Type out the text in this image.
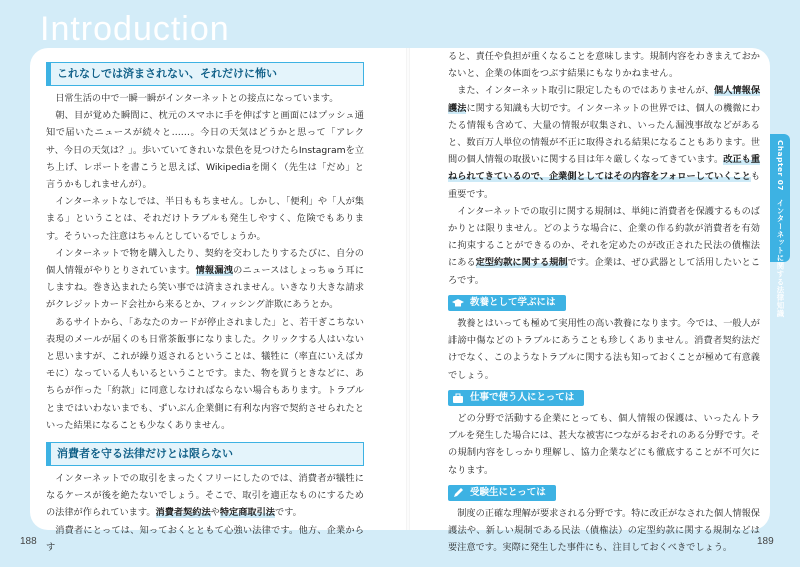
Introduction
これなしでは済まされない、それだけに怖い

日常生活の中で一瞬一瞬がインターネットとの接点になっています。

朝、目が覚めた瞬間に、枕元のスマホに手を伸ばすと画面にはプッシュ通知で届いたニュースが続々と……。今日の天気はどうかと思って「アレクサ、今日の天気は？」。歩いていてきれいな景色を見つけたらInstagramを立ち上げ、レポートを書こうと思えば、Wikipediaを開く（先生は「だめ」と言うかもしれませんが）。

インターネットなしでは、半日ももちません。しかし、「便利」や「人が集まる」ということは、それだけトラブルも発生しやすく、危険でもあります。そういった注意はちゃんとしているでしょうか。

インターネットで物を購入したり、契約を交わしたりするたびに、自分の個人情報がやりとりされています。情報漏洩のニュースはしょっちゅう耳にしますね。巻き込まれたら笑い事では済まされません。いきなり大きな請求がクレジットカード会社から来るとか、フィッシング詐欺にあうとか。

あるサイトから、「あなたのカードが停止されました」と、若干ぎこちない表現のメールが届くのも日常茶飯事になりました。クリックする人はいないと思いますが、これが繰り返されるということは、犠牲に（率直にいえばカモに）なっている人もいるということです。また、物を買うときなどに、あちらが作った「約款」に同意しなければならない場合もあります。トラブルとまではいわないまでも、ずいぶん企業側に有利な内容で契約させられたといった結果になることも少なくありません。

消費者を守る法律だけとは限らない

インターネットでの取引をまったくフリーにしたのでは、消費者が犠牲になるケースが後を絶たないでしょう。そこで、取引を適正なものにするための法律が作られています。消費者契約法や特定商取引法です。

消費者にとっては、知っておくとともて心強い法律です。他方、企業からす

ると、責任や負担が重くなることを意味します。規制内容をわきまえておかないと、企業の体面をつぶす結果にもなりかねません。

また、インターネット取引に限定したものではありませんが、個人情報保護法に関する知識も大切です。インターネットの世界では、個人の機微にわたる情報も含めて、大量の情報が収集され、いったん漏洩事故などがあると、数百万人単位の情報が不正に取得される結果になることもあります。世間の個人情報の取扱いに関する目は年々厳しくなってきています。改正も重ねられてきているので、企業側としてはその内容をフォローしていくことも重要です。

インターネットでの取引に関する規制は、単純に消費者を保護するものばかりとは限りません。どのような場合に、企業の作る約款が消費者を有効に拘束することができるのか、それを定めたのが改正された民法の債権法にある定型約款に関する規制です。企業は、ぜひ武器として活用したいところです。

教養として学ぶには

教養とはいっても極めて実用性の高い教養になります。今では、一般人が誹謗中傷などのトラブルにあうことも珍しくありません。消費者契約法だけでなく、このようなトラブルに関する法も知っておくことが極めて有意義でしょう。

仕事で使う人にとっては

どの分野で活動する企業にとっても、個人情報の保護は、いったんトラブルを発生した場合には、甚大な被害につながるおそれのある分野です。その規制内容をしっかり理解し、協力企業などにも徹底することが不可欠になります。

受験生にとっては

制度の正確な理解が要求される分野です。特に改正がなされた個人情報保護法や、新しい規制である民法（債権法）の定型約款に関する規制などは要注意です。実際に発生した事件にも、注目しておくべきでしょう。

Chapter 07　インターネットに関する法律知識
188	189
